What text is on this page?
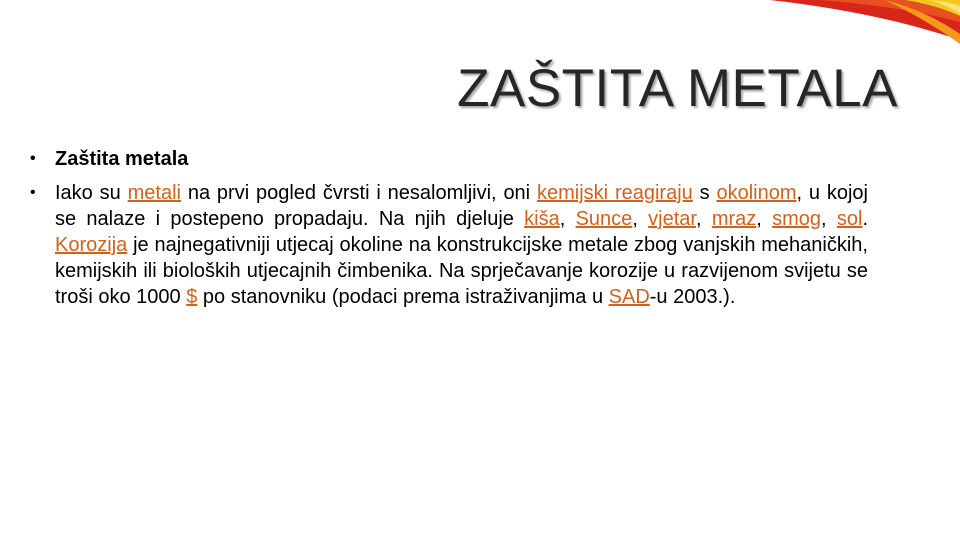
ZAŠTITA METALA
• Zaštita metala
• Iako su metali na prvi pogled čvrsti i nesalomljivi, oni kemijski reagiraju s okolinom, u kojoj se nalaze i postepeno propadaju. Na njih djeluje kiša, Sunce, vjetar, mraz, smog, sol. Korozija je najnegativniji utjecaj okoline na konstrukcijske metale zbog vanjskih mehaničkih, kemijskih ili bioloških utjecajnih čimbenika. Na sprječavanje korozije u razvijenom svijetu se troši oko 1000 $ po stanovniku (podaci prema istraživanjima u SAD-u 2003.).
